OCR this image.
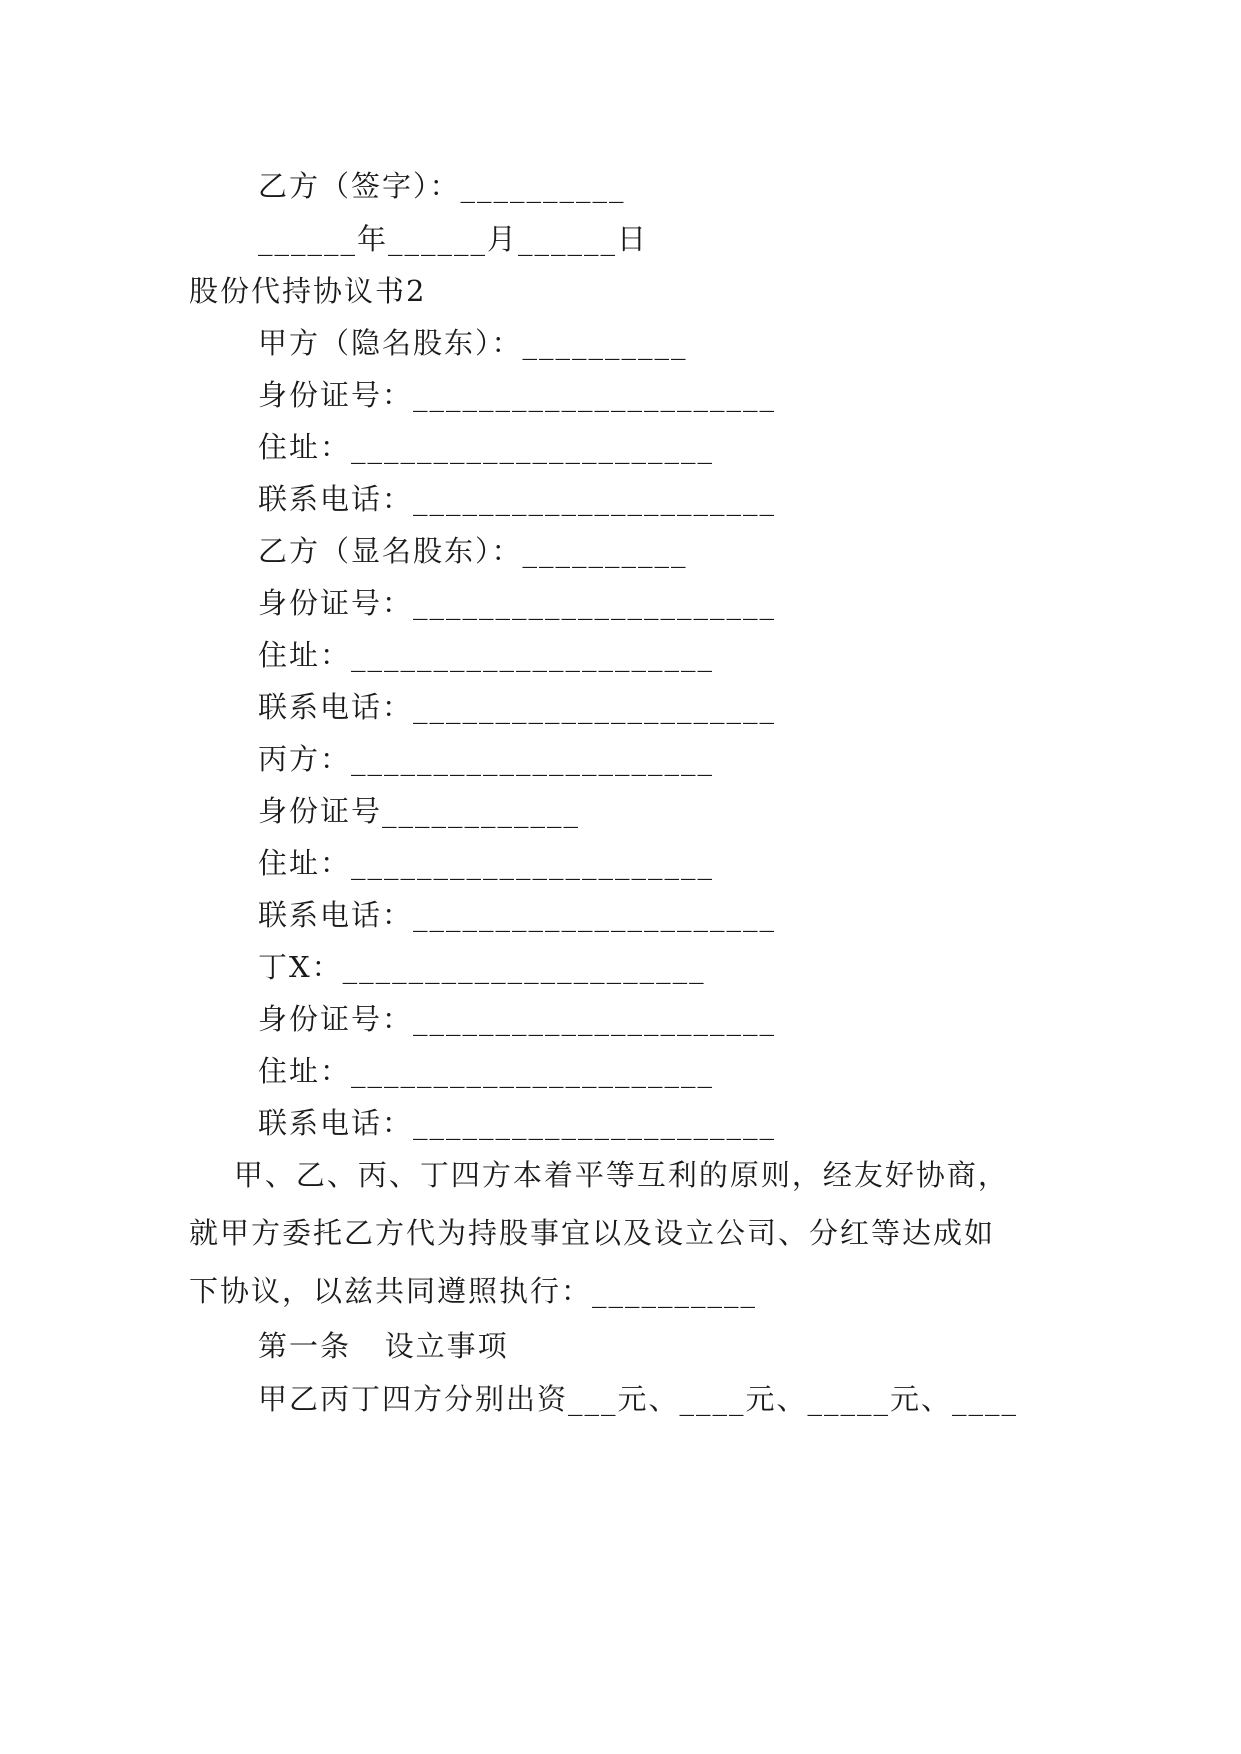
乙方（签字）：__________
______年______月______日
股份代持协议书2
甲方（隐名股东）：__________
身份证号：______________________
住址：______________________
联系电话：______________________
乙方（显名股东）：__________
身份证号：______________________
住址：______________________
联系电话：______________________
丙方：______________________
身份证号____________
住址：______________________
联系电话：______________________
丁X：______________________
身份证号：______________________
住址：______________________
联系电话：______________________
甲、乙、丙、丁四方本着平等互利的原则，经友好协商，
就甲方委托乙方代为持股事宜以及设立公司、分红等达成如
下协议，以兹共同遵照执行：__________
第一条   设立事项
甲乙丙丁四方分别出资___元、____元、_____元、____
